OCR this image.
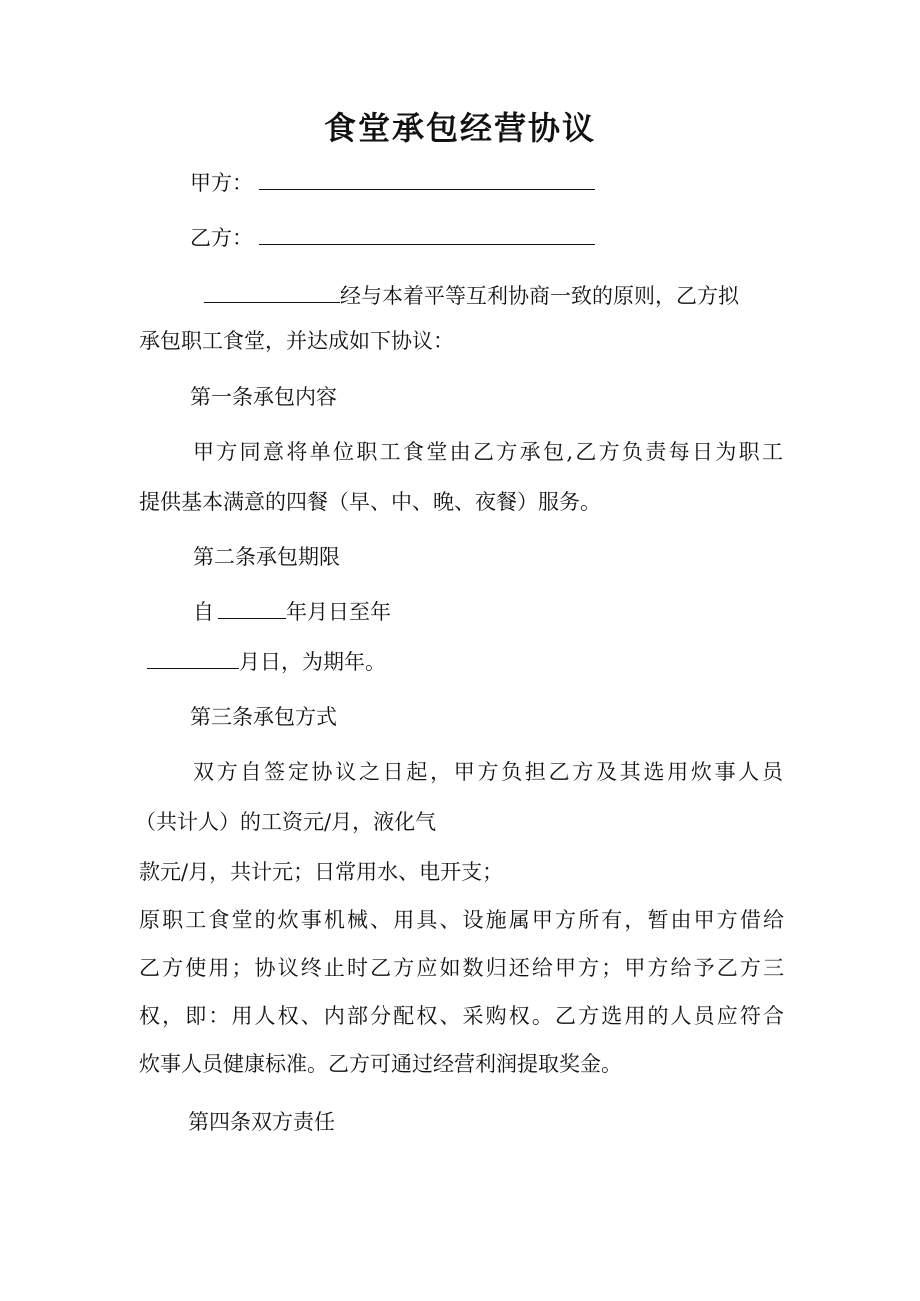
食堂承包经营协议
甲方：
乙方：
经与本着平等互利协商一致的原则，乙方拟
承包职工食堂，并达成如下协议：
第一条承包内容
甲方同意将单位职工食堂由乙方承包,乙方负责每日为职工
提供基本满意的四餐（早、中、晚、夜餐）服务。
第二条承包期限
自	年月日至年
月日，为期年。
第三条承包方式
双方自签定协议之日起，甲方负担乙方及其选用炊事人员
（共计人）的工资元/月，液化气
款元/月，共计元；日常用水、电开支；
原职工食堂的炊事机械、用具、设施属甲方所有，暂由甲方借给
乙方使用；协议终止时乙方应如数归还给甲方；甲方给予乙方三
权，即：用人权、内部分配权、采购权。乙方选用的人员应符合
炊事人员健康标准。乙方可通过经营利润提取奖金。
第四条双方责任
